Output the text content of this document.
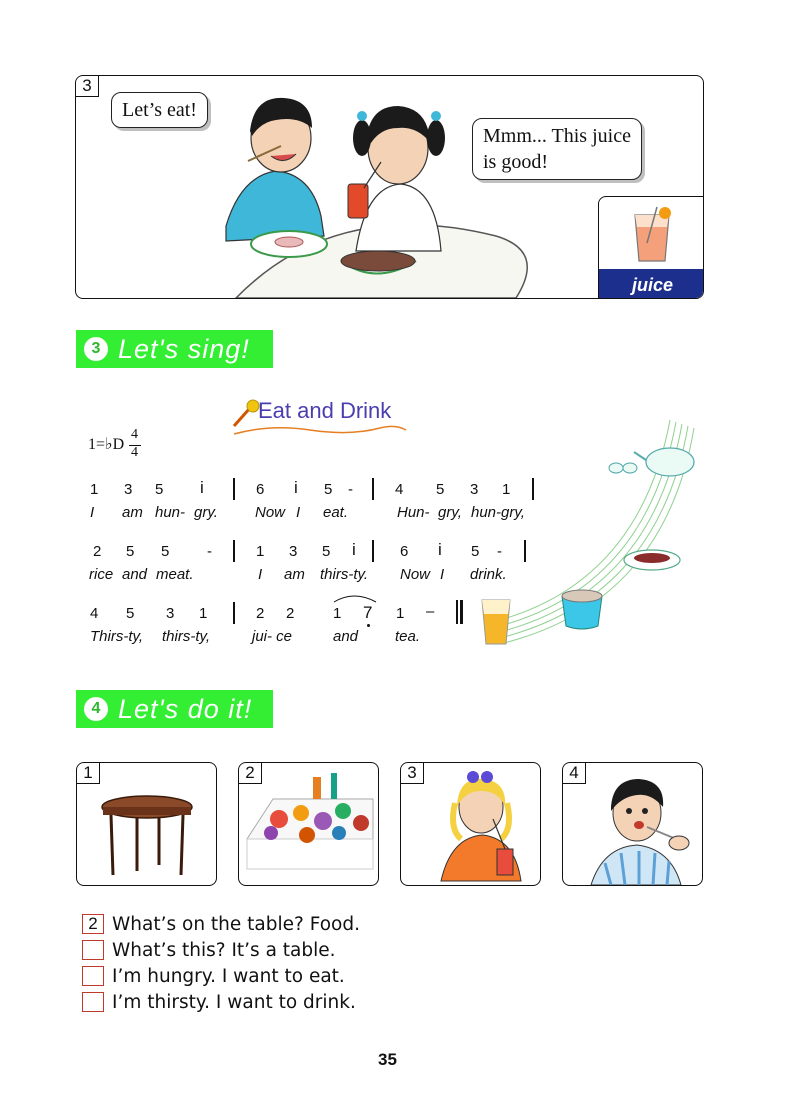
3
Let’s eat!
Mmm... This juice
is good!
juice
3 Let's sing!
Eat and Drink
1=♭D
4
4
1 3 5 i	6 i 5 -	4 5 3 1
I am hun- gry. Now I eat.	Hun- gry, hun-gry,
2 5 5	-	1 3 5 i	6 i 5 -
rice and meat.	I am thirs-ty. Now I drink.
4 5 3 1	2 2	1 7 1 –
Thirs-ty, thirs-ty,	jui- ce	and tea.
4 Let's do it!
1	2	3	4
2 What’s on the table? Food.
What’s this? It’s a table.
I’m hungry. I want to eat.
I’m thirsty. I want to drink.
35
